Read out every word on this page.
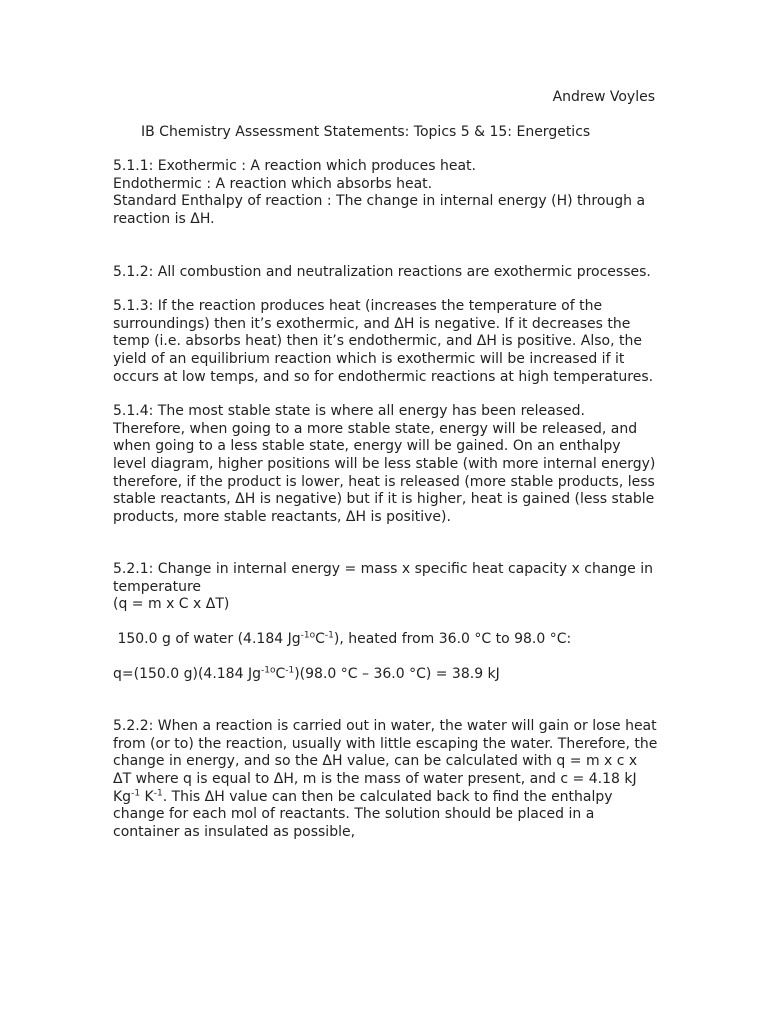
Andrew Voyles

IB Chemistry Assessment Statements: Topics 5 & 15: Energetics

5.1.1: Exothermic : A reaction which produces heat.

Endothermic : A reaction which absorbs heat.

Standard Enthalpy of reaction : The change in internal energy (H) through a reaction is ΔH.

5.1.2: All combustion and neutralization reactions are exothermic processes.

5.1.3: If the reaction produces heat (increases the temperature of the surroundings) then it’s exothermic, and ΔH is negative. If it decreases the temp (i.e. absorbs heat) then it’s endothermic, and ΔH is positive. Also, the yield of an equilibrium reaction which is exothermic will be increased if it occurs at low temps, and so for endothermic reactions at high temperatures.

5.1.4: The most stable state is where all energy has been released. Therefore, when going to a more stable state, energy will be released, and when going to a less stable state, energy will be gained. On an enthalpy level diagram, higher positions will be less stable (with more internal energy) therefore, if the product is lower, heat is released (more stable products, less stable reactants, ΔH is negative) but if it is higher, heat is gained (less stable products, more stable reactants, ΔH is positive).

5.2.1: Change in internal energy = mass x specific heat capacity x change in temperature

(q = m x C x ΔT)

150.0 g of water (4.184 $Jg^{-1o}C^{-1}$), heated from 36.0 °C to 98.0 °C:

q=(150.0 g)(4.184 $Jg^{-1o}C^{-1})(98.0$ °C – 36.0 °C) = 38.9 kJ

5.2.2: When a reaction is carried out in water, the water will gain or lose heat from (or to) the reaction, usually with little escaping the water. Therefore, the change in energy, and so the ΔH value, can be calculated with q = m x c x ΔT where q is equal to ΔH, m is the mass of water present, and c = 4.18 kJ $Kg^{-1}$ $K^{-1}$. This ΔH value can then be calculated back to find the enthalpy change for each mol of reactants. The solution should be placed in a container as insulated as possible,
